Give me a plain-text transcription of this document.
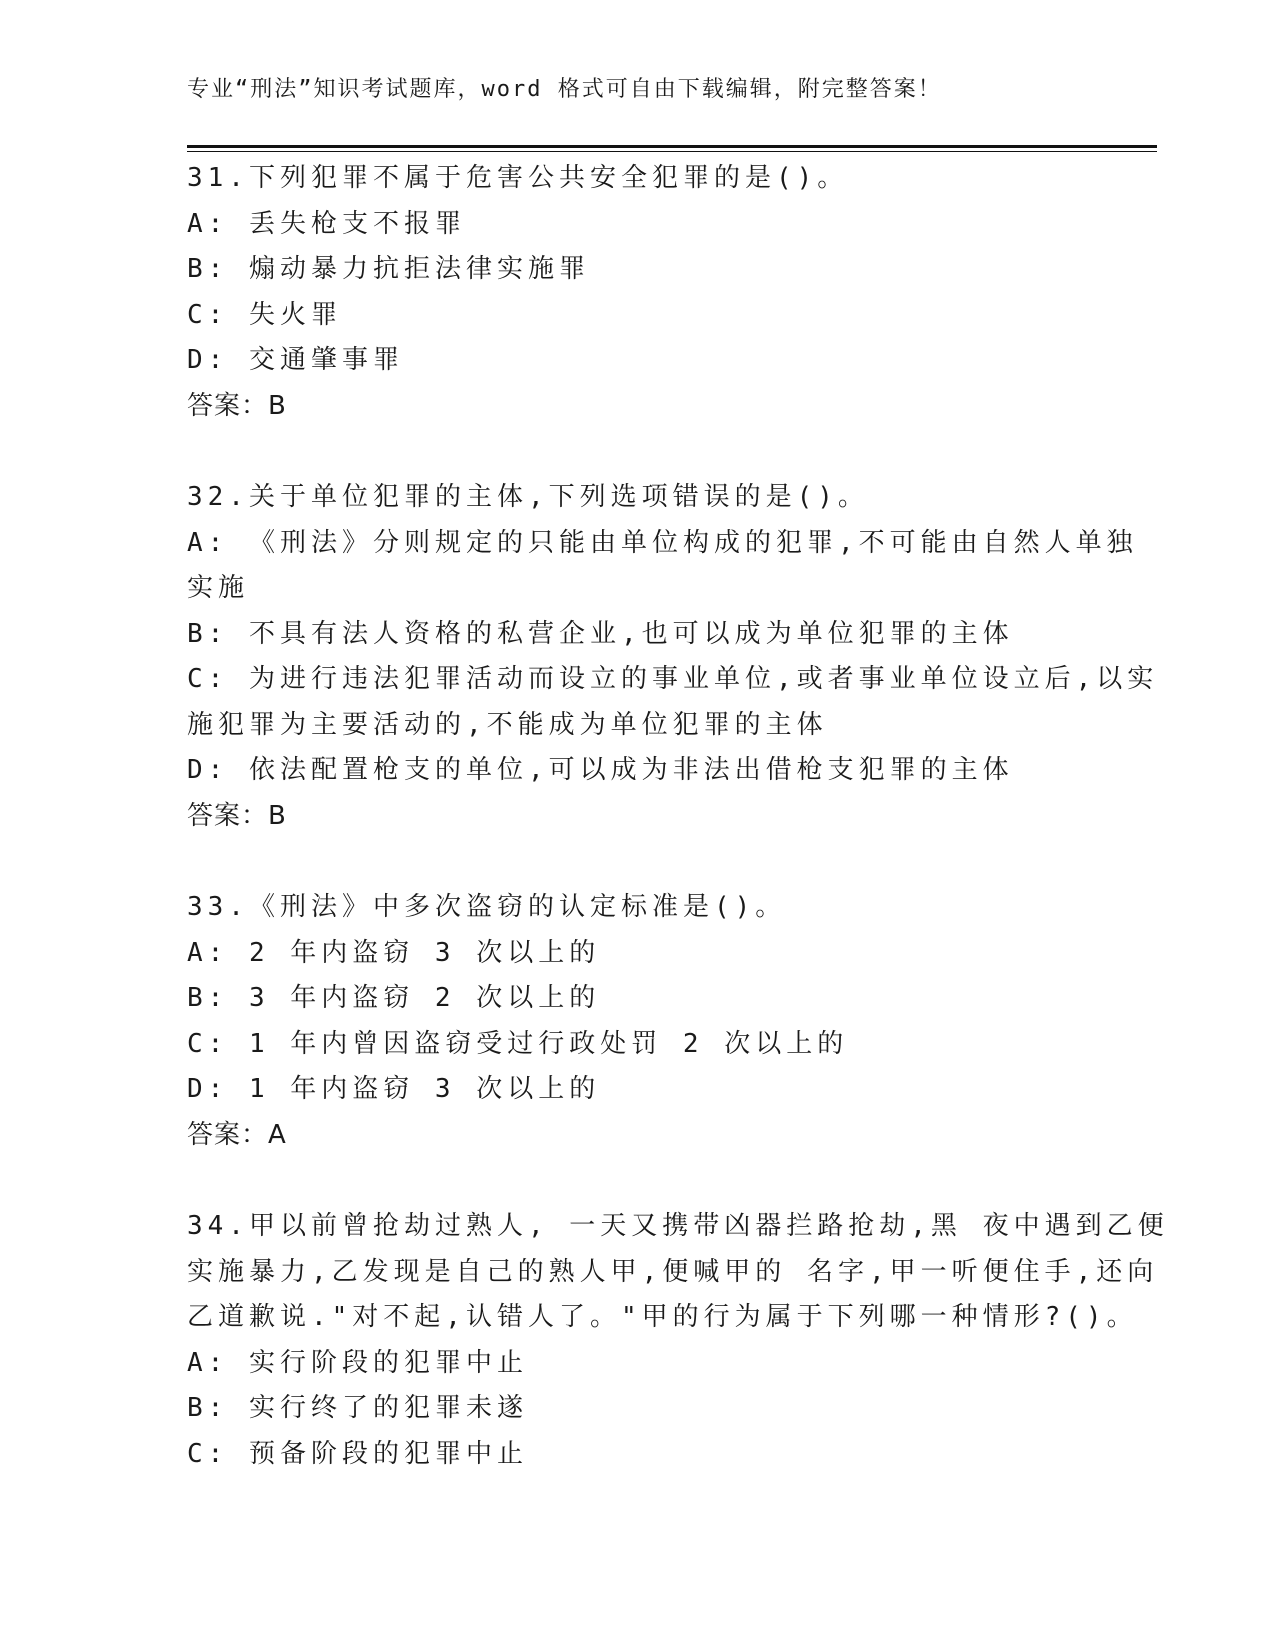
专业“刑法”知识考试题库，word 格式可自由下载编辑，附完整答案！
31.下列犯罪不属于危害公共安全犯罪的是()。
A: 丢失枪支不报罪
B: 煽动暴力抗拒法律实施罪
C: 失火罪
D: 交通肇事罪
答案：B
32.关于单位犯罪的主体,下列选项错误的是()。
A: 《刑法》分则规定的只能由单位构成的犯罪,不可能由自然人单独
实施
B: 不具有法人资格的私营企业,也可以成为单位犯罪的主体
C: 为进行违法犯罪活动而设立的事业单位,或者事业单位设立后,以实
施犯罪为主要活动的,不能成为单位犯罪的主体
D: 依法配置枪支的单位,可以成为非法出借枪支犯罪的主体
答案：B
33.《刑法》中多次盗窃的认定标准是()。
A: 2 年内盗窃 3 次以上的
B: 3 年内盗窃 2 次以上的
C: 1 年内曾因盗窃受过行政处罚 2 次以上的
D: 1 年内盗窃 3 次以上的
答案：A
34.甲以前曾抢劫过熟人, 一天又携带凶器拦路抢劫,黑 夜中遇到乙便
实施暴力,乙发现是自己的熟人甲,便喊甲的 名字,甲一听便住手,还向
乙道歉说."对不起,认错人了。"甲的行为属于下列哪一种情形?()。
A: 实行阶段的犯罪中止
B: 实行终了的犯罪未遂
C: 预备阶段的犯罪中止
